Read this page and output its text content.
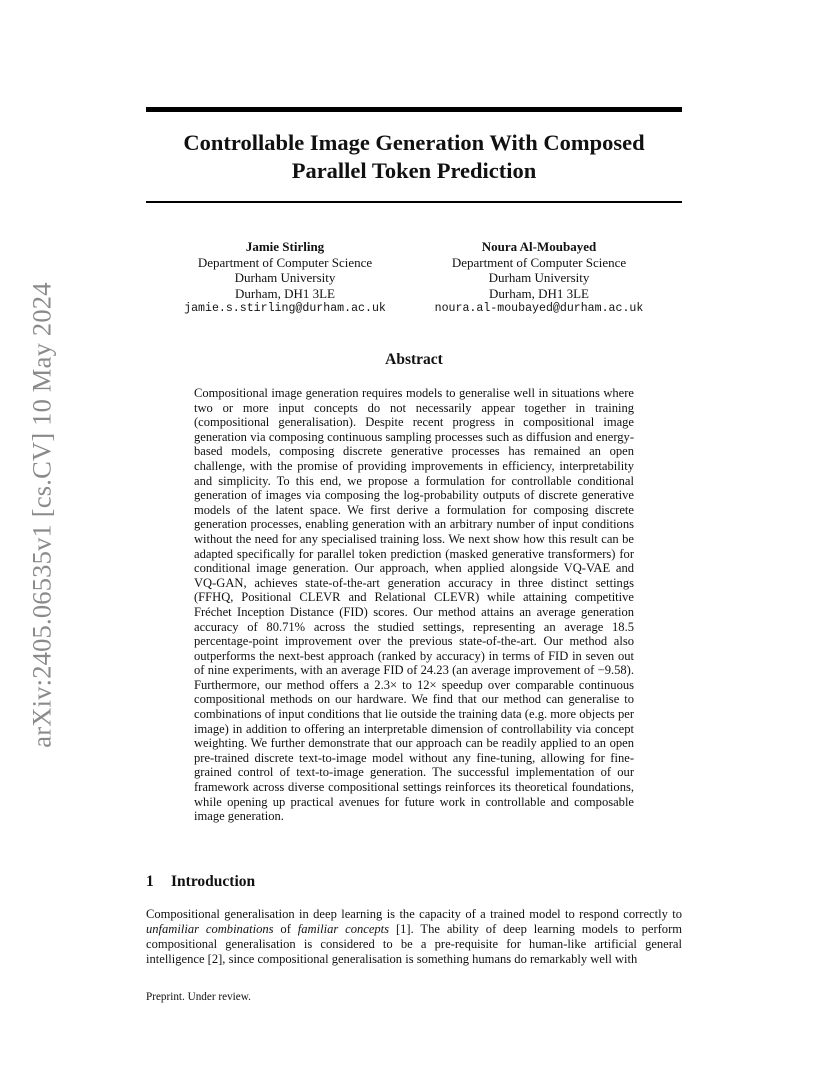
arXiv:2405.06535v1 [cs.CV] 10 May 2024
Controllable Image Generation With Composed Parallel Token Prediction
Jamie Stirling
Department of Computer Science
Durham University
Durham, DH1 3LE
jamie.s.stirling@durham.ac.uk
Noura Al-Moubayed
Department of Computer Science
Durham University
Durham, DH1 3LE
noura.al-moubayed@durham.ac.uk
Abstract

Compositional image generation requires models to generalise well in situations where two or more input concepts do not necessarily appear together in training (compositional generalisation). Despite recent progress in compositional image generation via composing continuous sampling processes such as diffusion and energy-based models, composing discrete generative processes has remained an open challenge, with the promise of providing improvements in efficiency, interpretability and simplicity. To this end, we propose a formulation for controllable conditional generation of images via composing the log-probability outputs of discrete generative models of the latent space. We first derive a formulation for composing discrete generation processes, enabling generation with an arbitrary number of input conditions without the need for any specialised training loss. We next show how this result can be adapted specifically for parallel token prediction (masked generative transformers) for conditional image generation. Our approach, when applied alongside VQ-VAE and VQ-GAN, achieves state-of-the-art generation accuracy in three distinct settings (FFHQ, Positional CLEVR and Relational CLEVR) while attaining competitive Fréchet Inception Distance (FID) scores. Our method attains an average generation accuracy of 80.71% across the studied settings, representing an average 18.5 percentage-point improvement over the previous state-of-the-art. Our method also outperforms the next-best approach (ranked by accuracy) in terms of FID in seven out of nine experiments, with an average FID of 24.23 (an average improvement of −9.58). Furthermore, our method offers a 2.3× to 12× speedup over comparable continuous compositional methods on our hardware. We find that our method can generalise to combinations of input conditions that lie outside the training data (e.g. more objects per image) in addition to offering an interpretable dimension of controllability via concept weighting. We further demonstrate that our approach can be readily applied to an open pre-trained discrete text-to-image model without any fine-tuning, allowing for fine-grained control of text-to-image generation. The successful implementation of our framework across diverse compositional settings reinforces its theoretical foundations, while opening up practical avenues for future work in controllable and composable image generation.

1 Introduction

Compositional generalisation in deep learning is the capacity of a trained model to respond correctly to unfamiliar combinations of familiar concepts [1]. The ability of deep learning models to perform compositional generalisation is considered to be a pre-requisite for human-like artificial general intelligence [2], since compositional generalisation is something humans do remarkably well with

Preprint. Under review.
